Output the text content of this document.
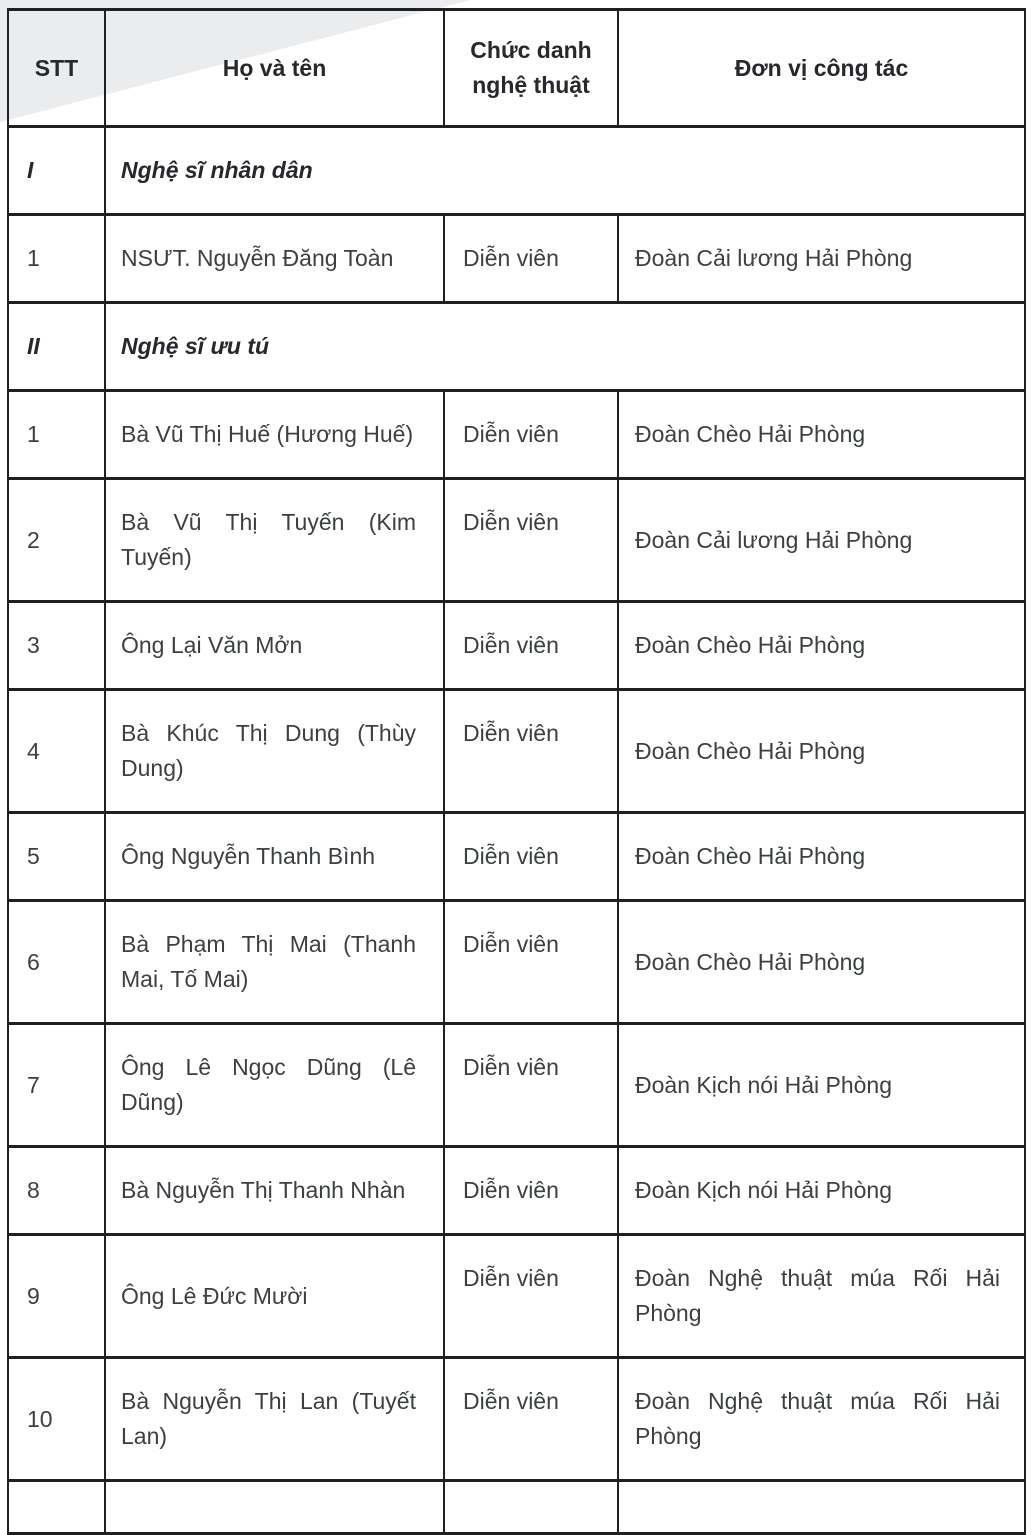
STT	Họ và tên	Chức danh nghệ thuật	Đơn vị công tác
I	Nghệ sĩ nhân dân		
1	NSƯT. Nguyễn Đăng Toàn	Diễn viên	Đoàn Cải lương Hải Phòng
II	Nghệ sĩ ưu tú		
1	Bà Vũ Thị Huế (Hương Huế)	Diễn viên	Đoàn Chèo Hải Phòng
2	Bà Vũ Thị Tuyến (Kim Tuyến)	Diễn viên	Đoàn Cải lương Hải Phòng
3	Ông Lại Văn Mởn	Diễn viên	Đoàn Chèo Hải Phòng
4	Bà Khúc Thị Dung (Thùy Dung)	Diễn viên	Đoàn Chèo Hải Phòng
5	Ông Nguyễn Thanh Bình	Diễn viên	Đoàn Chèo Hải Phòng
6	Bà Phạm Thị Mai (Thanh Mai, Tố Mai)	Diễn viên	Đoàn Chèo Hải Phòng
7	Ông Lê Ngọc Dũng (Lê Dũng)	Diễn viên	Đoàn Kịch nói Hải Phòng
8	Bà Nguyễn Thị Thanh Nhàn	Diễn viên	Đoàn Kịch nói Hải Phòng
9	Ông Lê Đức Mười	Diễn viên	Đoàn Nghệ thuật múa Rối Hải Phòng
10	Bà Nguyễn Thị Lan (Tuyết Lan)	Diễn viên	Đoàn Nghệ thuật múa Rối Hải Phòng
